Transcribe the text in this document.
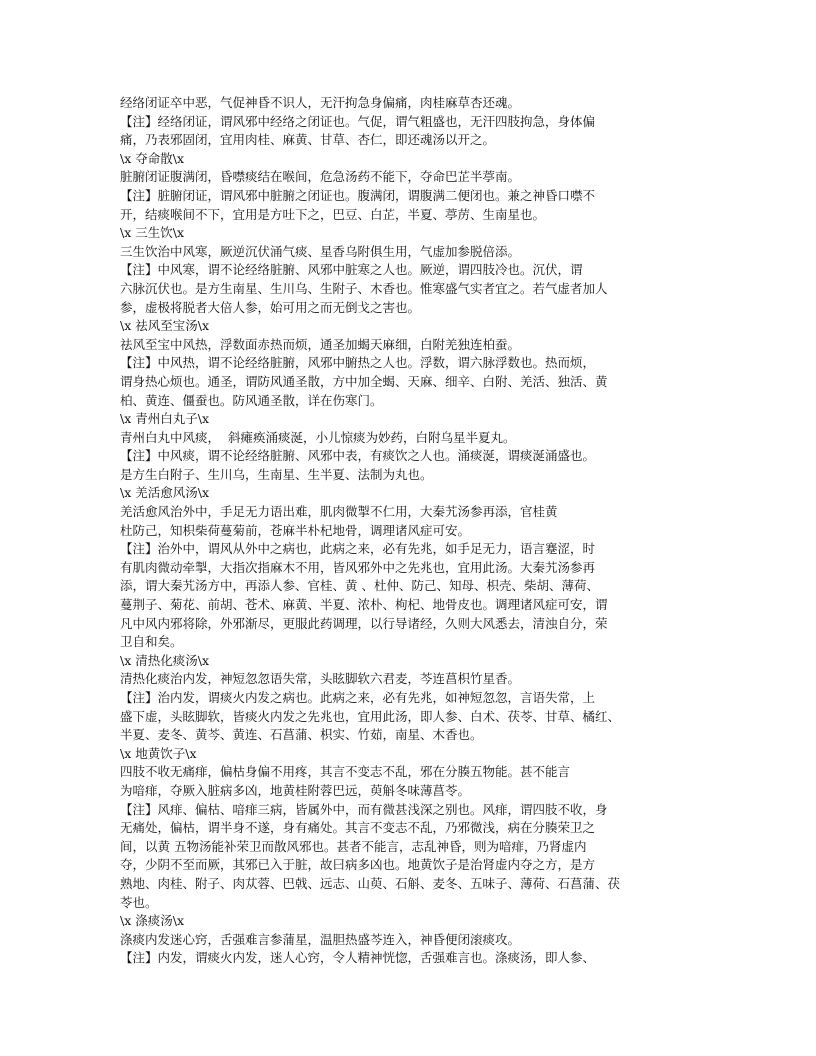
经络闭证卒中恶，气促神昏不识人，无汗拘急身偏痛，肉桂麻草杏还魂。
【注】经络闭证，谓风邪中经络之闭证也。气促，谓气粗盛也，无汗四肢拘急，身体偏
痛，乃表邪固闭，宜用肉桂、麻黄、甘草、杏仁，即还魂汤以开之。
\x 夺命散\x
脏腑闭证腹满闭，昏噤痰结在喉间，危急汤药不能下，夺命巴芷半葶南。
【注】脏腑闭证，谓风邪中脏腑之闭证也。腹满闭，谓腹满二便闭也。兼之神昏口噤不
开，结痰喉间不下，宜用是方吐下之，巴豆、白芷，半夏、葶苈、生南星也。
\x 三生饮\x
三生饮治中风寒，厥逆沉伏涌气痰、星香乌附俱生用，气虚加参脱倍添。
【注】中风寒，谓不论经络脏腑、风邪中脏寒之人也。厥逆，谓四肢冷也。沉伏，谓
六脉沉伏也。是方生南星、生川乌、生附子、木香也。惟寒盛气实者宜之。若气虚者加人
参，虚极将脱者大倍人参，始可用之而无倒戈之害也。
\x 祛风至宝汤\x
祛风至宝中风热，浮数面赤热而烦，通圣加蝎天麻细，白附羌独连柏蚕。
【注】中风热，谓不论经络脏腑，风邪中腑热之人也。浮数，谓六脉浮数也。热而烦，
谓身热心烦也。通圣，谓防风通圣散，方中加全蝎、天麻、细辛、白附、羌活、独活、黄
柏、黄连、僵蚕也。防风通圣散，详在伤寒门。
\x 青州白丸子\x
青州白丸中风痰，  斜瘫痪涌痰涎，小儿惊痰为妙药，白附乌星半夏丸。
【注】中风痰，谓不论经络脏腑、风邪中表，有痰饮之人也。涌痰涎，谓痰涎涌盛也。
是方生白附子、生川乌，生南星、生半夏、法制为丸也。
\x 羌活愈风汤\x
羌活愈风治外中，手足无力语出难，肌肉微掣不仁用，大秦艽汤参再添，官桂黄
杜防己，知枳柴荷蔓菊前，苍麻半朴杞地骨，调理诸风症可安。
【注】治外中，谓风从外中之病也，此病之来，必有先兆，如手足无力，语言蹇涩，时
有肌肉微动牵掣，大指次指麻木不用，皆风邪外中之先兆也，宜用此汤。大秦艽汤参再
添，谓大秦艽汤方中，再添人参、官桂、黄 、杜仲、防己、知母、枳壳、柴胡、薄荷、
蔓荆子、菊花、前胡、苍术、麻黄、半夏、浓朴、枸杞、地骨皮也。调理诸风症可安，谓
凡中风内邪将除，外邪渐尽，更服此药调理，以行导诸经，久则大风悉去，清浊自分，荣
卫自和矣。
\x 清热化痰汤\x
清热化痰治内发，神短忽忽语失常，头眩脚软六君麦，芩连菖枳竹星香。
【注】治内发，谓痰火内发之病也。此病之来，必有先兆，如神短忽忽，言语失常，上
盛下虚，头眩脚软，皆痰火内发之先兆也，宜用此汤，即人参、白术、茯苓、甘草、橘红、
半夏、麦冬、黄芩、黄连、石菖蒲、枳实、竹茹，南星、木香也。
\x 地黄饮子\x
四肢不收无痛痱，偏枯身偏不用疼，其言不变志不乱，邪在分腠五物能。甚不能言
为喑痱，夺厥入脏病多凶，地黄桂附蓉巴远，萸斛冬味薄菖苓。
【注】风痱、偏枯、喑痱三病，皆属外中，而有微甚浅深之别也。风痱，谓四肢不收，身
无痛处，偏枯，谓半身不遂，身有痛处。其言不变志不乱，乃邪微浅，病在分腠荣卫之
间，以黄 五物汤能补荣卫而散风邪也。甚者不能言，志乱神昏，则为喑痱，乃肾虚内
夺，少阴不至而厥，其邪已入于脏，故曰病多凶也。地黄饮子是治肾虚内夺之方，是方
熟地、肉桂、附子、肉苁蓉、巴戟、远志、山萸、石斛、麦冬、五味子、薄荷、石菖蒲、茯
苓也。
\x 涤痰汤\x
涤痰内发迷心窍，舌强难言参蒲星，温胆热盛芩连入，神昏便闭滚痰攻。
【注】内发，谓痰火内发，迷人心窍，令人精神恍惚，舌强难言也。涤痰汤，即人参、
